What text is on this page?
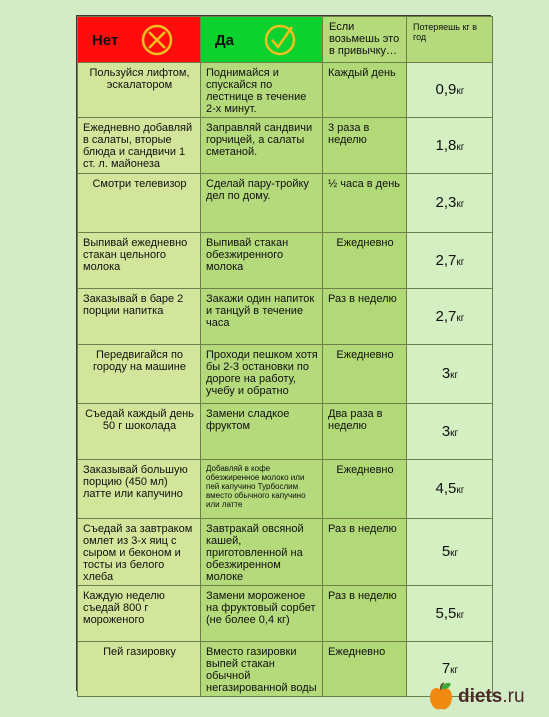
Нет	Да	Если возьмешь это в привычку…	Потеряешь кг в год
Пользуйся лифтом, эскалатором	Поднимайся и спускайся по лестнице в течение 2-х минут.	Каждый день	0,9кг
Ежедневно добавляй в салаты, вторые блюда и сандвичи 1 ст. л. майонеза	Заправляй сандвичи горчицей, а салаты сметаной.	3 раза в неделю	1,8кг
Смотри телевизор	Сделай пару-тройку дел по дому.	½ часа в день	2,3кг
Выпивай ежедневно стакан цельного молока	Выпивай стакан обезжиренного молока	Ежедневно	2,7кг
Заказывай в баре 2 порции напитка	Закажи один напиток и танцуй в течение часа	Раз в неделю	2,7кг
Передвигайся по городу на машине	Проходи пешком хотя бы 2-3 остановки по дороге на работу, учебу и обратно	Ежедневно	3кг
Съедай каждый день 50 г шоколада	Замени сладкое фруктом	Два раза в неделю	3кг
Заказывай большую порцию (450 мл) латте или капучино	Добавляй в кофе обезжиренное молоко или пей капучино Турбослим вместо обычного капучино или латте	Ежедневно	4,5кг
Съедай за завтраком омлет из 3-х яиц с сыром и беконом и тосты из белого хлеба	Завтракай овсяной кашей, приготовленной на обезжиренном молоке	Раз в неделю	5кг
Каждую неделю съедай 800 г мороженого	Замени мороженое на фруктовый сорбет (не более 0,4 кг)	Раз в неделю	5,5кг
Пей газировку	Вместо газировки выпей стакан обычной негазированной воды	Ежедневно	7кг
diets.ru
